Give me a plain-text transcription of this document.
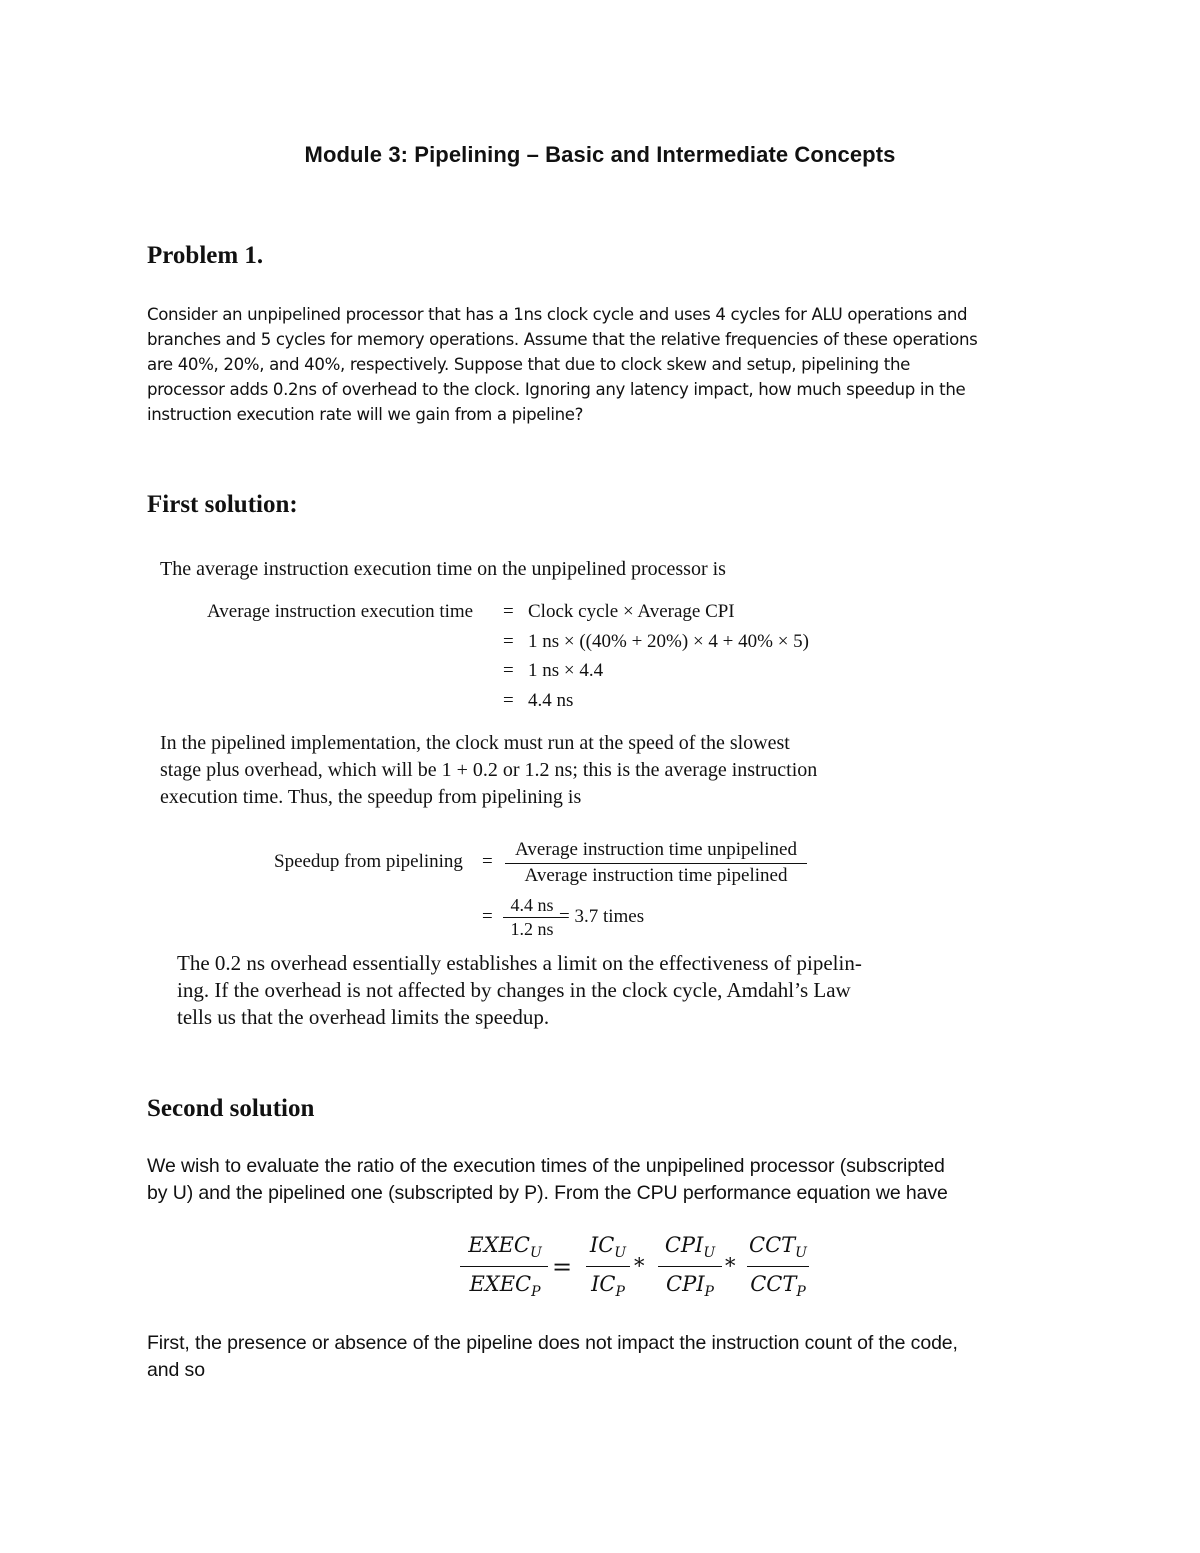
Module 3: Pipelining – Basic and Intermediate Concepts
Problem 1.
Consider an unpipelined processor that has a 1ns clock cycle and uses 4 cycles for ALU operations and
branches and 5 cycles for memory operations. Assume that the relative frequencies of these operations
are 40%, 20%, and 40%, respectively. Suppose that due to clock skew and setup, pipelining the
processor adds 0.2ns of overhead to the clock. Ignoring any latency impact, how much speedup in the
instruction execution rate will we gain from a pipeline?
First solution:
The average instruction execution time on the unpipelined processor is
Average instruction execution time = Clock cycle × Average CPI
= 1 ns × ((40% + 20%) × 4 + 40% × 5)
= 1 ns × 4.4
= 4.4 ns
In the pipelined implementation, the clock must run at the speed of the slowest
stage plus overhead, which will be 1 + 0.2 or 1.2 ns; this is the average instruction
execution time. Thus, the speedup from pipelining is
Speedup from pipelining =
Average instruction time unpipelined
Average instruction time pipelined
=
4.4 ns
1.2 ns
= 3.7 times
The 0.2 ns overhead essentially establishes a limit on the effectiveness of pipelin-
ing. If the overhead is not affected by changes in the clock cycle, Amdahl’s Law
tells us that the overhead limits the speedup.
Second solution
We wish to evaluate the ratio of the execution times of the unpipelined processor (subscripted
by U) and the pipelined one (subscripted by P). From the CPU performance equation we have
$EXEC_U$
$EXEC_P$
=
$IC_U$
$IC_P$
*
$CPI_U$
$CPI_P$
*
$CCT_U$
$CCT_P$
First, the presence or absence of the pipeline does not impact the instruction count of the code,
and so
